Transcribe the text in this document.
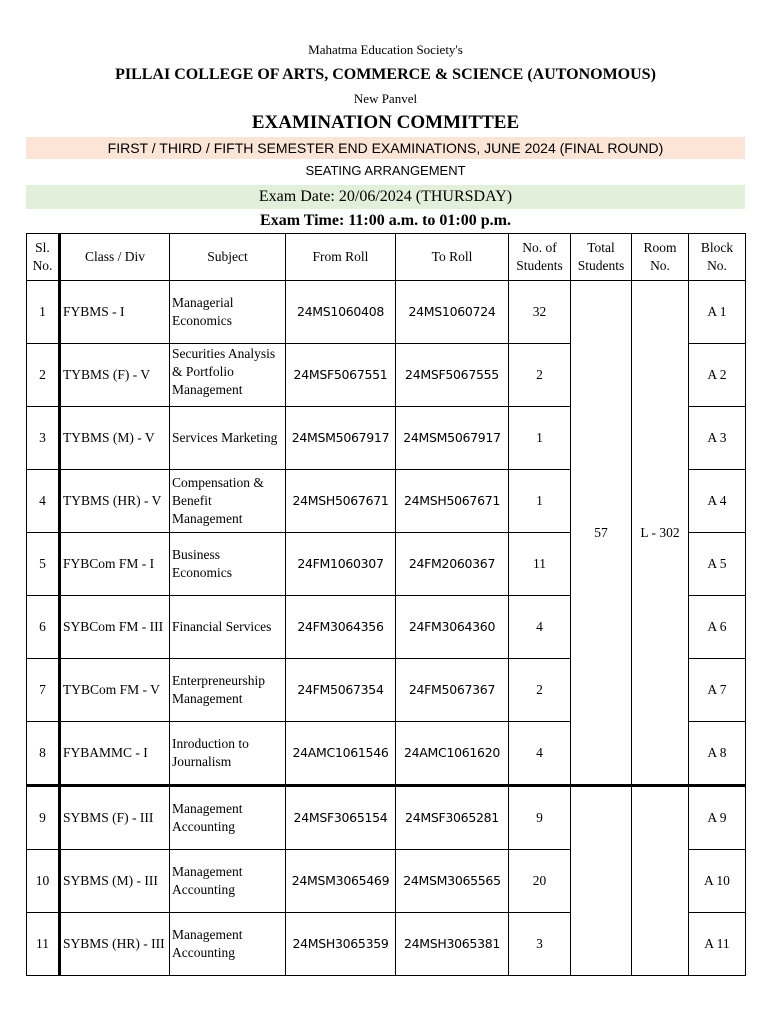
Mahatma Education Society's
PILLAI COLLEGE OF ARTS, COMMERCE & SCIENCE (AUTONOMOUS)
New Panvel
EXAMINATION COMMITTEE
FIRST / THIRD / FIFTH SEMESTER END EXAMINATIONS, JUNE 2024 (FINAL ROUND)
SEATING ARRANGEMENT
Exam Date: 20/06/2024 (THURSDAY)
Exam Time: 11:00 a.m. to 01:00 p.m.
Sl. No.	Class / Div	Subject	From Roll	To Roll	No. of Students	Total Students	Room No.	Block No.
1	FYBMS - I	Managerial Economics	24MS1060408	24MS1060724	32	57	L - 302	A 1
2	TYBMS (F) - V	Securities Analysis & Portfolio Management	24MSF5067551	24MSF5067555	2			A 2
3	TYBMS (M) - V	Services Marketing	24MSM5067917	24MSM5067917	1			A 3
4	TYBMS (HR) - V	Compensation & Benefit Management	24MSH5067671	24MSH5067671	1			A 4
5	FYBCom FM - I	Business Economics	24FM1060307	24FM2060367	11			A 5
6	SYBCom FM - III	Financial Services	24FM3064356	24FM3064360	4			A 6
7	TYBCom FM - V	Enterpreneurship Management	24FM5067354	24FM5067367	2			A 7
8	FYBAMMC - I	Inroduction to Journalism	24AMC1061546	24AMC1061620	4			A 8
9	SYBMS (F) - III	Management Accounting	24MSF3065154	24MSF3065281	9			A 9
10	SYBMS (M) - III	Management Accounting	24MSM3065469	24MSM3065565	20			A 10
11	SYBMS (HR) - III	Management Accounting	24MSH3065359	24MSH3065381	3			A 11
